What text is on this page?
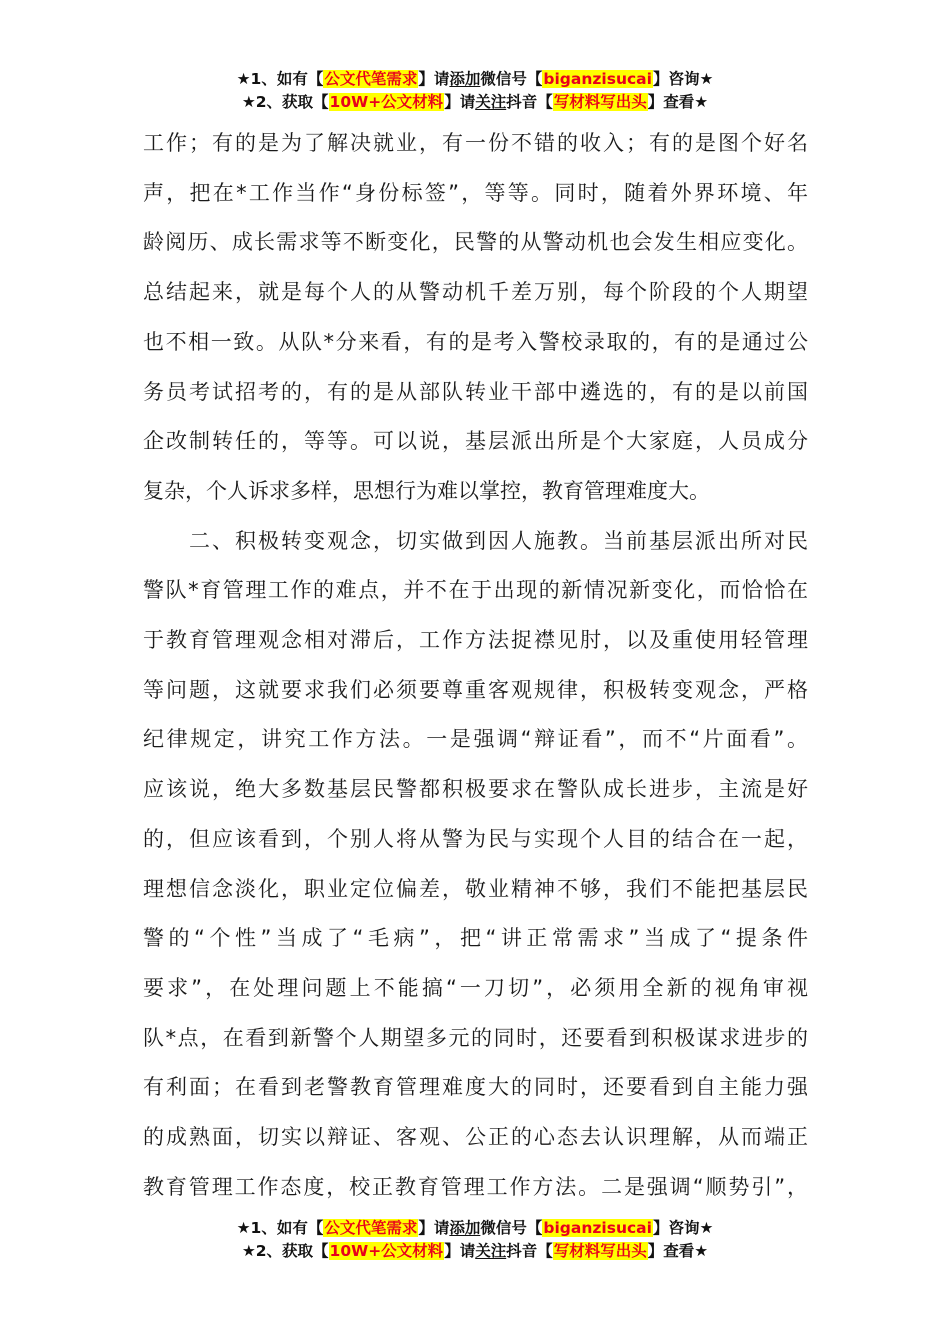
★1、如有【公文代笔需求】请添加微信号【biganzisucai】咨询★
★2、获取【10W+公文材料】请关注抖音【写材料写出头】查看★
工作；有的是为了解决就业，有一份不错的收入；有的是图个好名
声，把在*工作当作“身份标签”，等等。同时，随着外界环境、年
龄阅历、成长需求等不断变化，民警的从警动机也会发生相应变化。
总结起来，就是每个人的从警动机千差万别，每个阶段的个人期望
也不相一致。从队*分来看，有的是考入警校录取的，有的是通过公
务员考试招考的，有的是从部队转业干部中遴选的，有的是以前国
企改制转任的，等等。可以说，基层派出所是个大家庭，人员成分
复杂，个人诉求多样，思想行为难以掌控，教育管理难度大。
　　二、积极转变观念，切实做到因人施教。当前基层派出所对民
警队*育管理工作的难点，并不在于出现的新情况新变化，而恰恰在
于教育管理观念相对滞后，工作方法捉襟见肘，以及重使用轻管理
等问题，这就要求我们必须要尊重客观规律，积极转变观念，严格
纪律规定，讲究工作方法。一是强调“辩证看”，而不“片面看”。
应该说，绝大多数基层民警都积极要求在警队成长进步，主流是好
的，但应该看到，个别人将从警为民与实现个人目的结合在一起，
理想信念淡化，职业定位偏差，敬业精神不够，我们不能把基层民
警的“个性”当成了“毛病”，把“讲正常需求”当成了“提条件
要求”，在处理问题上不能搞“一刀切”，必须用全新的视角审视
队*点，在看到新警个人期望多元的同时，还要看到积极谋求进步的
有利面；在看到老警教育管理难度大的同时，还要看到自主能力强
的成熟面，切实以辩证、客观、公正的心态去认识理解，从而端正
教育管理工作态度，校正教育管理工作方法。二是强调“顺势引”，
★1、如有【公文代笔需求】请添加微信号【biganzisucai】咨询★
★2、获取【10W+公文材料】请关注抖音【写材料写出头】查看★
